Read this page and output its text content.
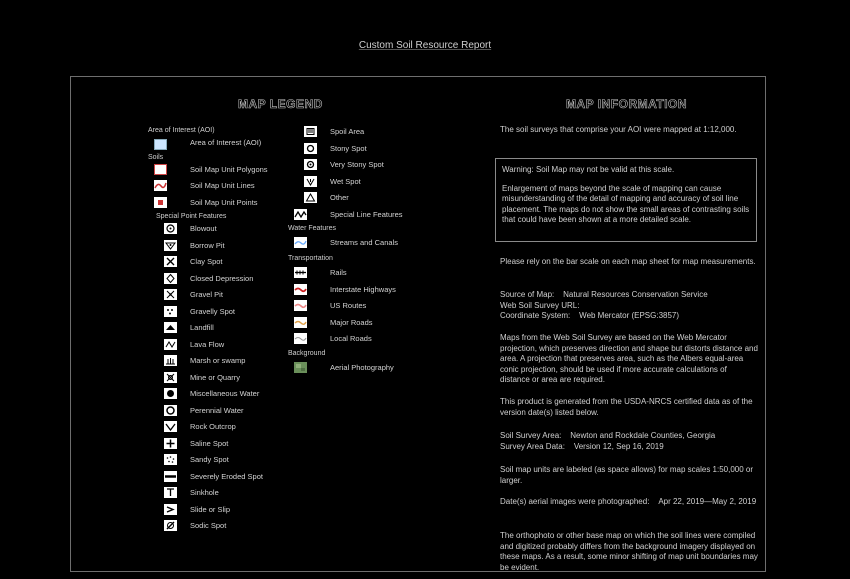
Custom Soil Resource Report
MAP LEGEND	MAP INFORMATION
Area of Interest (AOI)
Area of Interest (AOI)
Soils
Soil Map Unit Polygons
Soil Map Unit Lines
Soil Map Unit Points
Special Point Features
Blowout
Borrow Pit
Clay Spot
Closed Depression
Gravel Pit
Gravelly Spot
Landfill
Lava Flow
Marsh or swamp
Mine or Quarry
Miscellaneous Water
Perennial Water
Rock Outcrop
Saline Spot
Sandy Spot
Severely Eroded Spot
Sinkhole
Slide or Slip
Sodic Spot
Spoil Area
Stony Spot
Very Stony Spot
Wet Spot
Other
Special Line Features
Water Features
Streams and Canals
Transportation
Rails
Interstate Highways
US Routes
Major Roads
Local Roads
Background
Aerial Photography

The soil surveys that comprise your AOI were mapped at 1:12,000.

Warning: Soil Map may not be valid at this scale.

Enlargement of maps beyond the scale of mapping can cause misunderstanding of the detail of mapping and accuracy of soil line placement. The maps do not show the small areas of contrasting soils that could have been shown at a more detailed scale.

Please rely on the bar scale on each map sheet for map measurements.

Source of Map: Natural Resources Conservation Service
Web Soil Survey URL:
Coordinate System: Web Mercator (EPSG:3857)

Maps from the Web Soil Survey are based on the Web Mercator projection, which preserves direction and shape but distorts distance and area. A projection that preserves area, such as the Albers equal-area conic projection, should be used if more accurate calculations of distance or area are required.

This product is generated from the USDA-NRCS certified data as of the version date(s) listed below.

Soil Survey Area: Newton and Rockdale Counties, Georgia
Survey Area Data: Version 12, Sep 16, 2019

Soil map units are labeled (as space allows) for map scales 1:50,000 or larger.

Date(s) aerial images were photographed: Apr 22, 2019—May 2, 2019

The orthophoto or other base map on which the soil lines were compiled and digitized probably differs from the background imagery displayed on these maps. As a result, some minor shifting of map unit boundaries may be evident.
